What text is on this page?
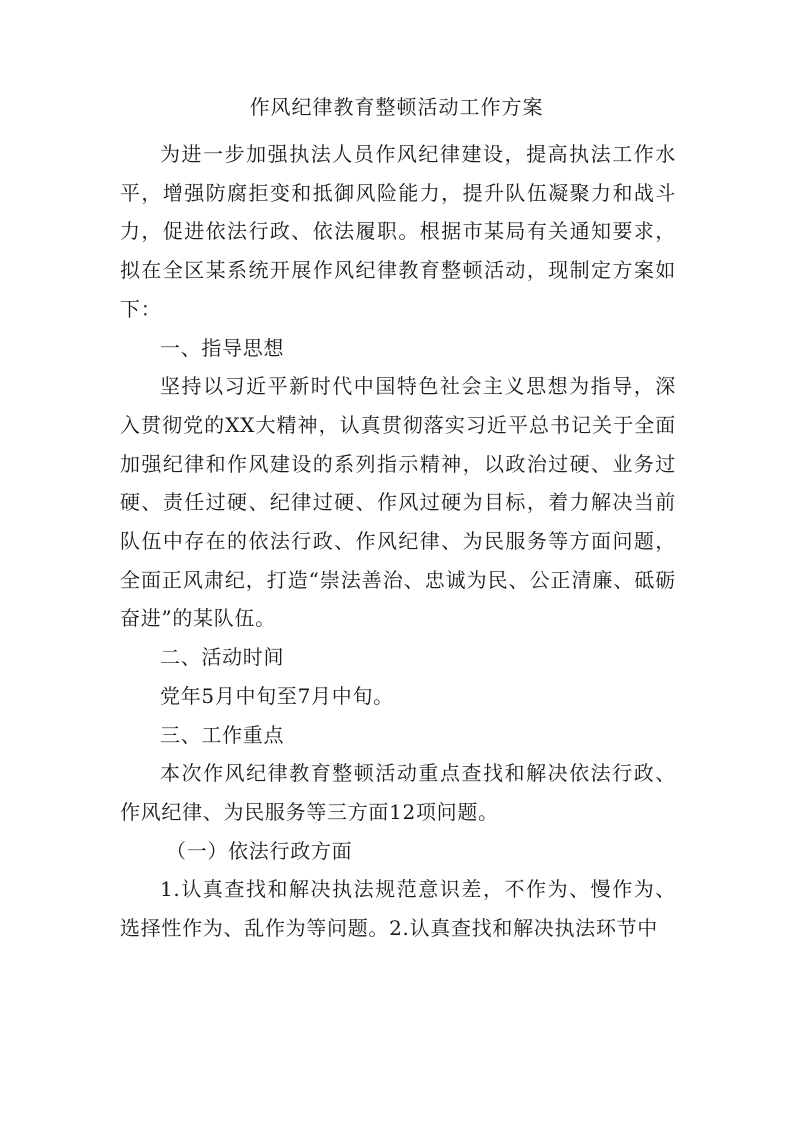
作风纪律教育整顿活动工作方案

为进一步加强执法人员作风纪律建设，提高执法工作水平，增强防腐拒变和抵御风险能力，提升队伍凝聚力和战斗力，促进依法行政、依法履职。根据市某局有关通知要求，拟在全区某系统开展作风纪律教育整顿活动，现制定方案如下：

一、指导思想

坚持以习近平新时代中国特色社会主义思想为指导，深入贯彻党的XX大精神，认真贯彻落实习近平总书记关于全面加强纪律和作风建设的系列指示精神，以政治过硬、业务过硬、责任过硬、纪律过硬、作风过硬为目标，着力解决当前队伍中存在的依法行政、作风纪律、为民服务等方面问题，全面正风肃纪，打造“崇法善治、忠诚为民、公正清廉、砥砺奋进”的某队伍。

二、活动时间

党年5月中旬至7月中旬。

三、工作重点

本次作风纪律教育整顿活动重点查找和解决依法行政、作风纪律、为民服务等三方面12项问题。

（一）依法行政方面

1.认真查找和解决执法规范意识差，不作为、慢作为、选择性作为、乱作为等问题。2.认真查找和解决执法环节中
